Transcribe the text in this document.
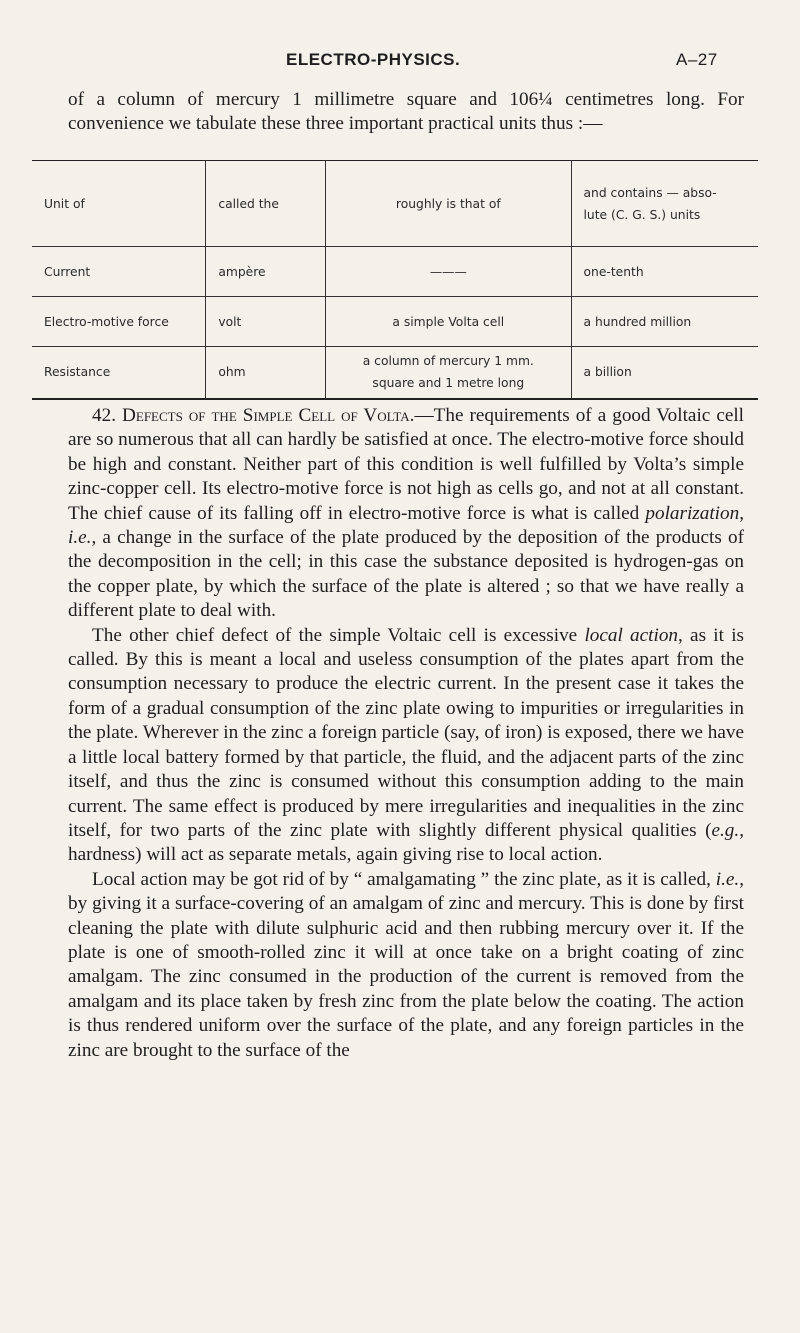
ELECTRO-PHYSICS.	A–27

of a column of mercury 1 millimetre square and 106¼ centimetres long. For convenience we tabulate these three important practical units thus :—

Unit of	called the	roughly is that of	and contains — abso-
lute (C. G. S.) units
Current	ampère	———	one-tenth
Electro-motive force	volt	a simple Volta cell	a hundred million
Resistance	ohm	a column of mercury 1 mm.
square and 1 metre long	a billion

42. Defects of the Simple Cell of Volta.—The requirements of a good Voltaic cell are so numerous that all can hardly be satisfied at once. The electro-motive force should be high and constant. Neither part of this condition is well fulfilled by Volta’s simple zinc-copper cell. Its electro-motive force is not high as cells go, and not at all constant. The chief cause of its falling off in electro-motive force is what is called polarization, i.e., a change in the surface of the plate produced by the deposition of the products of the decomposition in the cell; in this case the substance deposited is hydrogen-gas on the copper plate, by which the surface of the plate is altered ; so that we have really a different plate to deal with.

The other chief defect of the simple Voltaic cell is excessive local action, as it is called. By this is meant a local and useless consumption of the plates apart from the consumption necessary to produce the electric current. In the present case it takes the form of a gradual consumption of the zinc plate owing to impurities or irregularities in the plate. Wherever in the zinc a foreign particle (say, of iron) is exposed, there we have a little local battery formed by that particle, the fluid, and the adjacent parts of the zinc itself, and thus the zinc is consumed without this consumption adding to the main current. The same effect is produced by mere irregularities and inequalities in the zinc itself, for two parts of the zinc plate with slightly different physical qualities (e.g., hardness) will act as separate metals, again giving rise to local action.

Local action may be got rid of by “ amalgamating ” the zinc plate, as it is called, i.e., by giving it a surface-covering of an amalgam of zinc and mercury. This is done by first cleaning the plate with dilute sulphuric acid and then rubbing mercury over it. If the plate is one of smooth-rolled zinc it will at once take on a bright coating of zinc amalgam. The zinc consumed in the production of the current is removed from the amalgam and its place taken by fresh zinc from the plate below the coating. The action is thus rendered uniform over the surface of the plate, and any foreign particles in the zinc are brought to the surface of the
